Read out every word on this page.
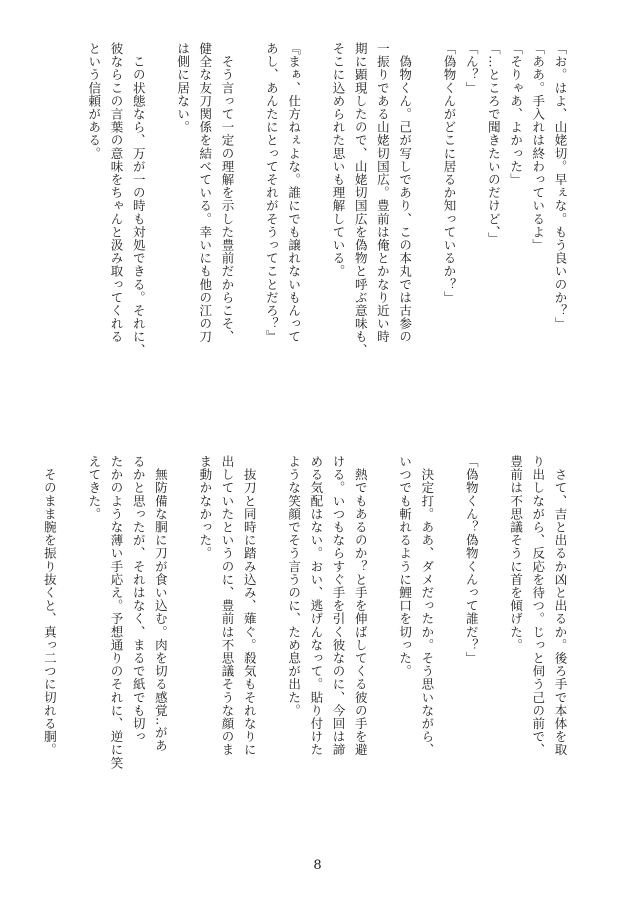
「お。はよ、山姥切。早ぇな。もう良いのか？」

「ああ。手入れは終わっているよ」

「そりゃあ、よかった」

「…ところで聞きたいのだけど、」

「ん？」

「偽物くんがどこに居るか知っているか？」

　偽物くん。己が写しであり、この本丸では古参の

一振りである山姥切国広。豊前は俺とかなり近い時

期に顕現したので、山姥切国広を偽物と呼ぶ意味も、

そこに込められた思いも理解している。

『まぁ、仕方ねぇよな。誰にでも譲れないもんって

あし、あんたにとってそれがそうってことだろ？』

　そう言って一定の理解を示した豊前だからこそ、

健全な友刀関係を結べている。幸いにも他の江の刀

は側に居ない。

　この状態なら、万が一の時も対処できる。それに、

彼ならこの言葉の意味をちゃんと汲み取ってくれる

という信頼がある。

　さて、吉と出るか凶と出るか。後ろ手で本体を取

り出しながら、反応を待つ。じっと伺う己の前で、

豊前は不思議そうに首を傾げた。

「偽物くん？偽物くんって誰だ？」

　決定打。ああ、ダメだったか。そう思いながら、

いつでも斬れるように鯉口を切った。

　熱でもあるのか？と手を伸ばしてくる彼の手を避

ける。いつもならすぐ手を引く彼なのに、今回は諦

める気配はない。おい、逃げんなって。貼り付けた

ような笑顔でそう言うのに、ため息が出た。

　抜刀と同時に踏み込み、薙ぐ。殺気もそれなりに

出していたというのに、豊前は不思議そうな顔のま

ま動かなかった。

　無防備な胴に刀が食い込む。肉を切る感覚‥があ

るかと思ったが、それはなく、まるで紙でも切っ

たかのような薄い手応え。予想通りのそれに、逆に笑

えてきた。

　そのまま腕を振り抜くと、真っ二つに切れる胴。

8
